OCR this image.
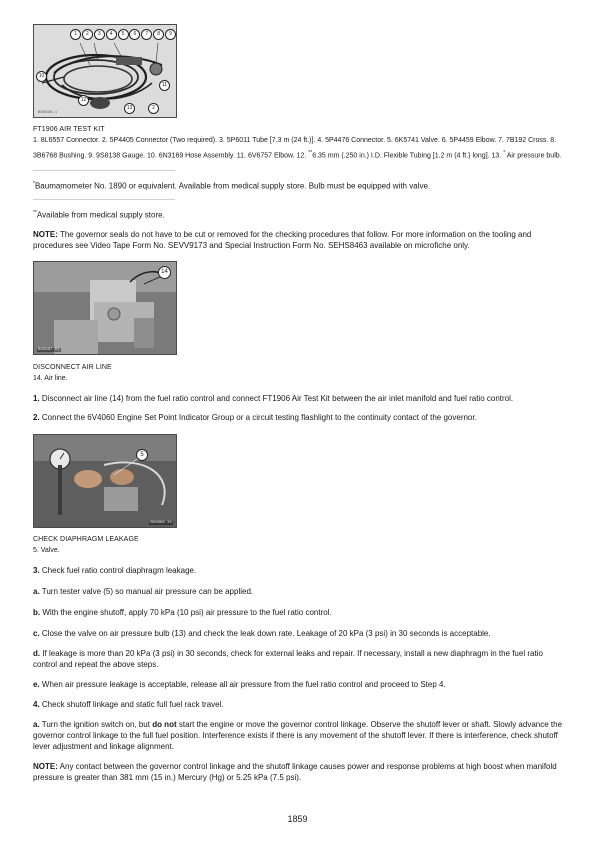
1	2	3	4	5	6	7	8	9
10
11
12
13	2
B58930-1
FT1906 AIR TEST KIT
1. 8L6557 Connector. 2. 5P4405 Connector (Two required). 3. 5P6011 Tube [7.3 m (24 ft.)]. 4. 5P4476 Connector. 5. 6K5741 Valve. 6. 5P4459 Elbow. 7. 7B192 Cross. 8. 3B6768 Bushing. 9. 9S8138 Gauge. 10. 6N3169 Hose Assembly. 11. 6V6757 Elbow. 12. **6.35 mm (.250 in.) I.D. Flexible Tubing [1.2 m (4 ft.) long]. 13. * Air pressure bulb.

*Baumamometer No. 1890 or equivalent. Available from medical supply store. Bulb must be equipped with valve.

**Available from medical supply store.

NOTE: The governor seals do not have to be cut or removed for the checking procedures that follow. For more information on the tooling and procedures see Video Tape Form No. SEVV9173 and Special Instruction Form No. SEHS8463 available on microfiche only.

14
B58887 X1
DISCONNECT AIR LINE
14. Air line.

1. Disconnect air line (14) from the fuel ratio control and connect FT1906 Air Test Kit between the air inlet manifold and fuel ratio control.

2. Connect the 6V4060 Engine Set Point Indicator Group or a circuit testing flashlight to the continuity contact of the governor.

5
B58888 X1
CHECK DIAPHRAGM LEAKAGE
5. Valve.

3. Check fuel ratio control diaphragm leakage.

a. Turn tester valve (5) so manual air pressure can be applied.

b. With the engine shutoff, apply 70 kPa (10 psi) air pressure to the fuel ratio control.

c. Close the valve on air pressure bulb (13) and check the leak down rate. Leakage of 20 kPa (3 psi) in 30 seconds is acceptable.

d. If leakage is more than 20 kPa (3 psi) in 30 seconds, check for external leaks and repair. If necessary, install a new diaphragm in the fuel ratio control and repeat the above steps.

e. When air pressure leakage is acceptable, release all air pressure from the fuel ratio control and proceed to Step 4.

4. Check shutoff linkage and static full fuel rack travel.

a. Turn the ignition switch on, but do not start the engine or move the governor control linkage. Observe the shutoff lever or shaft. Slowly advance the governor control linkage to the full fuel position. Interference exists if there is any movement of the shutoff lever. If there is interference, check shutoff lever adjustment and linkage alignment.

NOTE: Any contact between the governor control linkage and the shutoff linkage causes power and response problems at high boost when manifold pressure is greater than 381 mm (15 in.) Mercury (Hg) or 5.25 kPa (7.5 psi).

1859
